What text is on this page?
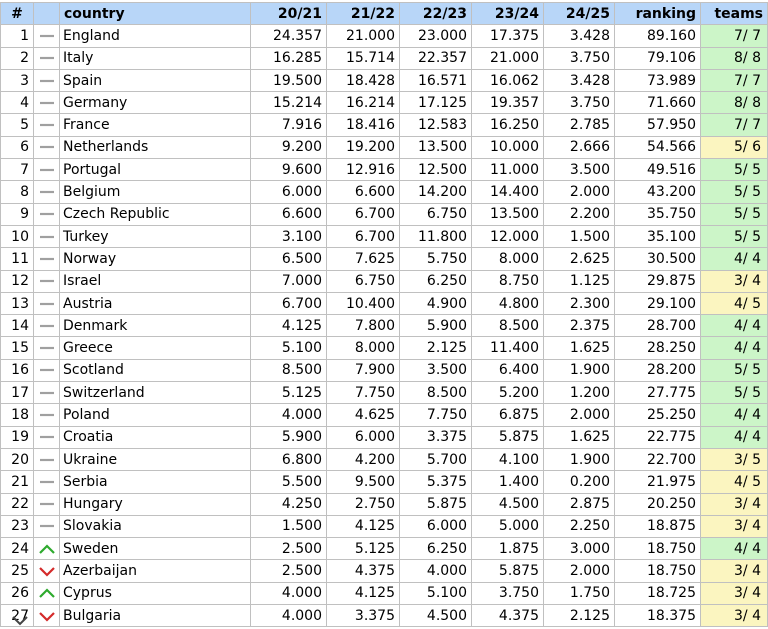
#		country	20/21	21/22	22/23	23/24	24/25	ranking	teams
1		England	24.357	21.000	23.000	17.375	3.428	89.160	7/ 7
2		Italy	16.285	15.714	22.357	21.000	3.750	79.106	8/ 8
3		Spain	19.500	18.428	16.571	16.062	3.428	73.989	7/ 7
4		Germany	15.214	16.214	17.125	19.357	3.750	71.660	8/ 8
5		France	7.916	18.416	12.583	16.250	2.785	57.950	7/ 7
6		Netherlands	9.200	19.200	13.500	10.000	2.666	54.566	5/ 6
7		Portugal	9.600	12.916	12.500	11.000	3.500	49.516	5/ 5
8		Belgium	6.000	6.600	14.200	14.400	2.000	43.200	5/ 5
9		Czech Republic	6.600	6.700	6.750	13.500	2.200	35.750	5/ 5
10		Turkey	3.100	6.700	11.800	12.000	1.500	35.100	5/ 5
11		Norway	6.500	7.625	5.750	8.000	2.625	30.500	4/ 4
12		Israel	7.000	6.750	6.250	8.750	1.125	29.875	3/ 4
13		Austria	6.700	10.400	4.900	4.800	2.300	29.100	4/ 5
14		Denmark	4.125	7.800	5.900	8.500	2.375	28.700	4/ 4
15		Greece	5.100	8.000	2.125	11.400	1.625	28.250	4/ 4
16		Scotland	8.500	7.900	3.500	6.400	1.900	28.200	5/ 5
17		Switzerland	5.125	7.750	8.500	5.200	1.200	27.775	5/ 5
18		Poland	4.000	4.625	7.750	6.875	2.000	25.250	4/ 4
19		Croatia	5.900	6.000	3.375	5.875	1.625	22.775	4/ 4
20		Ukraine	6.800	4.200	5.700	4.100	1.900	22.700	3/ 5
21		Serbia	5.500	9.500	5.375	1.400	0.200	21.975	4/ 5
22		Hungary	4.250	2.750	5.875	4.500	2.875	20.250	3/ 4
23		Slovakia	1.500	4.125	6.000	5.000	2.250	18.875	3/ 4
24		Sweden	2.500	5.125	6.250	1.875	3.000	18.750	4/ 4
25		Azerbaijan	2.500	4.375	4.000	5.875	2.000	18.750	3/ 4
26		Cyprus	4.000	4.125	5.100	3.750	1.750	18.725	3/ 4
27		Bulgaria	4.000	3.375	4.500	4.375	2.125	18.375	3/ 4
